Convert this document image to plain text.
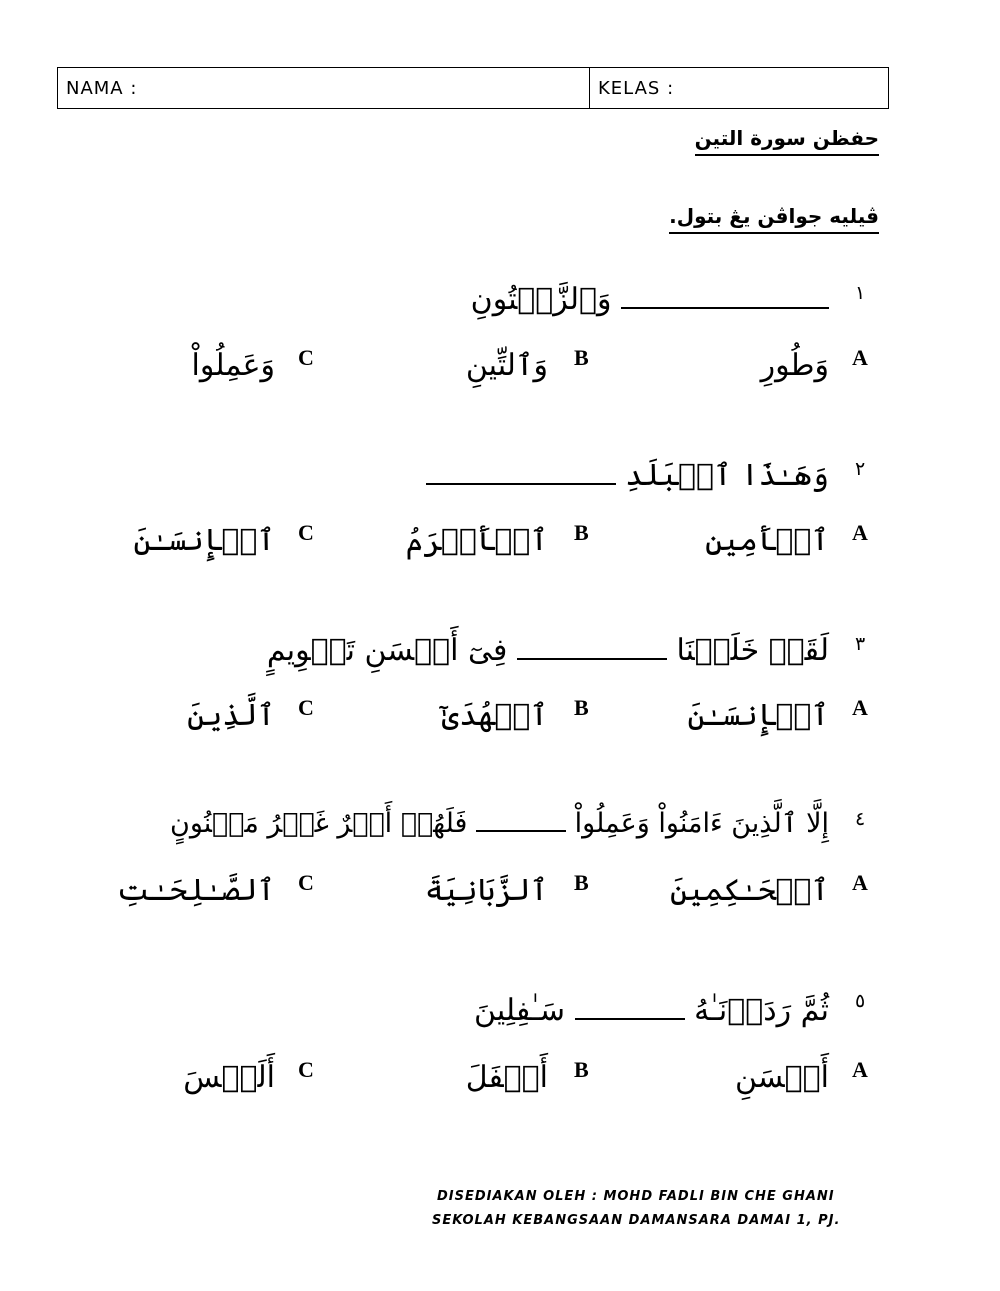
NAMA :	KELAS :
حفظن سورة التين
ڤيليه جواڤن يڠ بتول.
١
وَٱلزَّيۡتُونِ
A
وَطُورِ
B
وَٱلتِّينِ
C
وَعَمِلُواْ
٢
وَهَـٰذَا ٱلۡبَلَدِ
A
ٱلۡأَمِينِ
B
ٱلۡأَكۡرَمُ
C
ٱلۡإِنسَـٰنَ
٣
لَقَدۡ خَلَقۡنَا  فِىٓ أَحۡسَنِ تَقۡوِيمٍ
A
ٱلۡإِنسَـٰنَ
B
ٱلۡهُدَىٰٓ
C
ٱلَّذِينَ
٤
إِلَّا ٱلَّذِينَ ءَامَنُواْ وَعَمِلُواْ  فَلَهُمۡ أَجۡرٌ غَيۡرُ مَمۡنُونٍ
A
ٱلۡحَـٰكِمِينَ
B
ٱلزَّبَانِيَةَ
C
ٱلصَّـٰلِحَـٰتِ
٥
ثُمَّ رَدَدۡنَـٰهُ  سَـٰفِلِينَ
A
أَحۡسَنِ
B
أَسۡفَلَ
C
أَلَيۡسَ
DISEDIAKAN OLEH : MOHD FADLI BIN CHE GHANI
SEKOLAH KEBANGSAAN DAMANSARA DAMAI 1, PJ.
